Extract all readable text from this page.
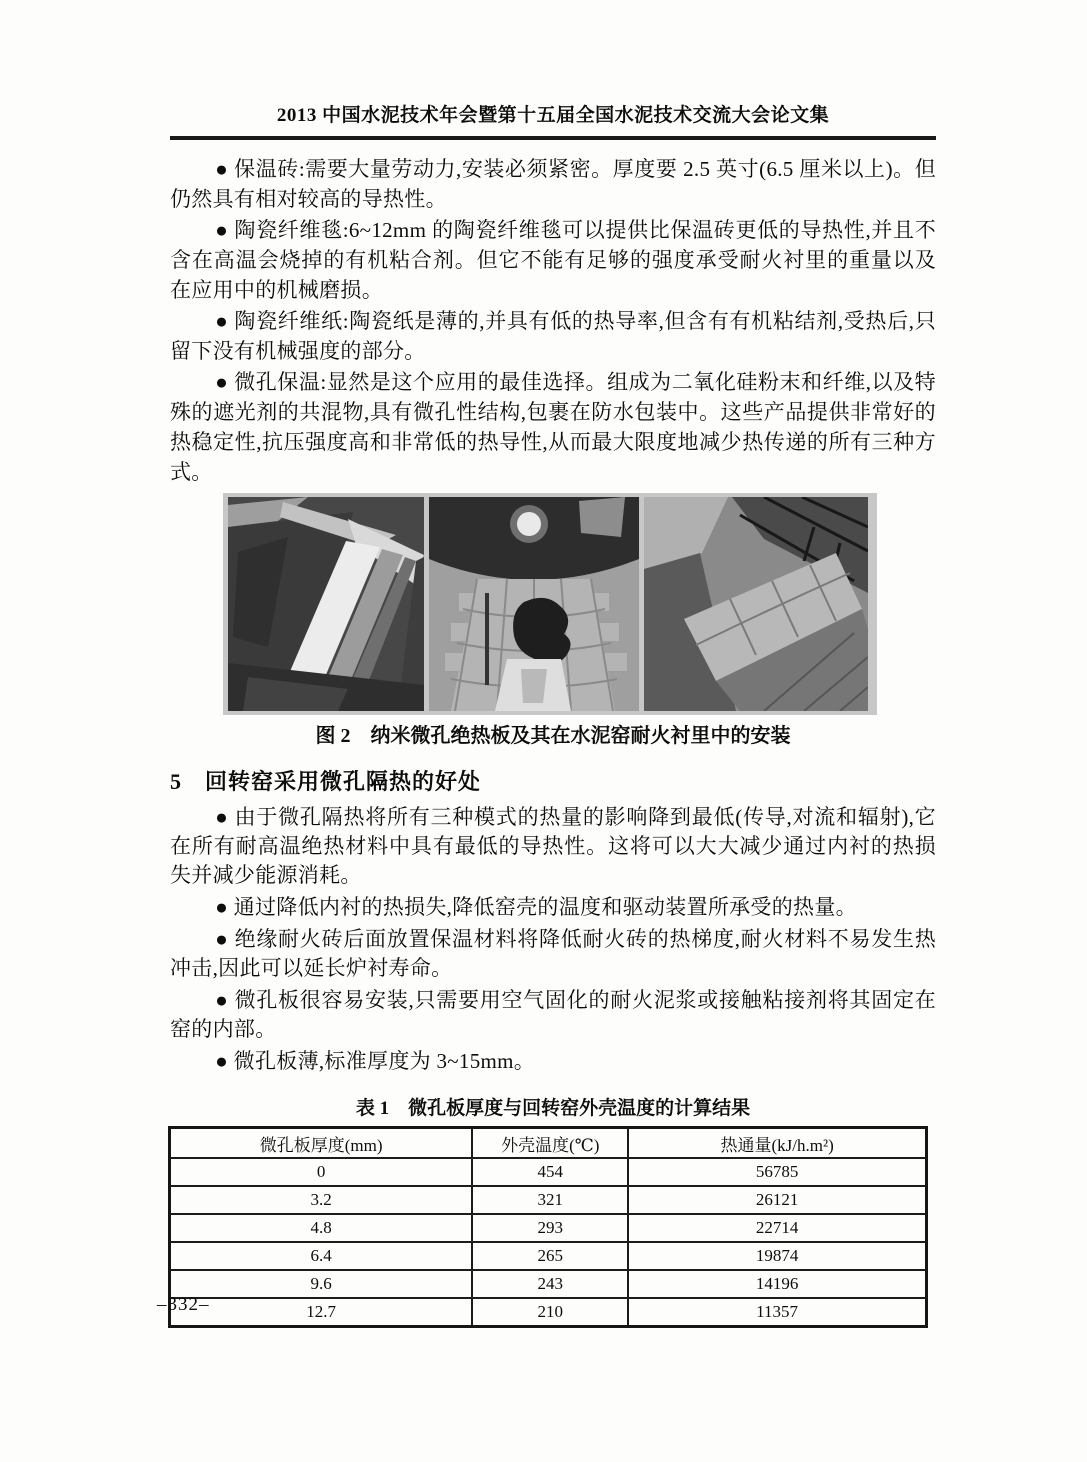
2013 中国水泥技术年会暨第十五届全国水泥技术交流大会论文集

● 保温砖:需要大量劳动力,安装必须紧密。厚度要 2.5 英寸(6.5 厘米以上)。但仍然具有相对较高的导热性。

● 陶瓷纤维毯:6~12mm 的陶瓷纤维毯可以提供比保温砖更低的导热性,并且不含在高温会烧掉的有机粘合剂。但它不能有足够的强度承受耐火衬里的重量以及在应用中的机械磨损。

● 陶瓷纤维纸:陶瓷纸是薄的,并具有低的热导率,但含有有机粘结剂,受热后,只留下没有机械强度的部分。

● 微孔保温:显然是这个应用的最佳选择。组成为二氧化硅粉末和纤维,以及特殊的遮光剂的共混物,具有微孔性结构,包裹在防水包装中。这些产品提供非常好的热稳定性,抗压强度高和非常低的热导性,从而最大限度地减少热传递的所有三种方式。

图 2　纳米微孔绝热板及其在水泥窑耐火衬里中的安装
5　回转窑采用微孔隔热的好处

● 由于微孔隔热将所有三种模式的热量的影响降到最低(传导,对流和辐射),它在所有耐高温绝热材料中具有最低的导热性。这将可以大大减少通过内衬的热损失并减少能源消耗。

● 通过降低内衬的热损失,降低窑壳的温度和驱动装置所承受的热量。

● 绝缘耐火砖后面放置保温材料将降低耐火砖的热梯度,耐火材料不易发生热冲击,因此可以延长炉衬寿命。

● 微孔板很容易安装,只需要用空气固化的耐火泥浆或接触粘接剂将其固定在窑的内部。

● 微孔板薄,标准厚度为 3~15mm。

表 1　微孔板厚度与回转窑外壳温度的计算结果
微孔板厚度(mm)	外壳温度(℃)	热通量(kJ/h.m²)
0	454	56785
3.2	321	26121
4.8	293	22714
6.4	265	19874
9.6	243	14196
12.7	210	11357
–332–
